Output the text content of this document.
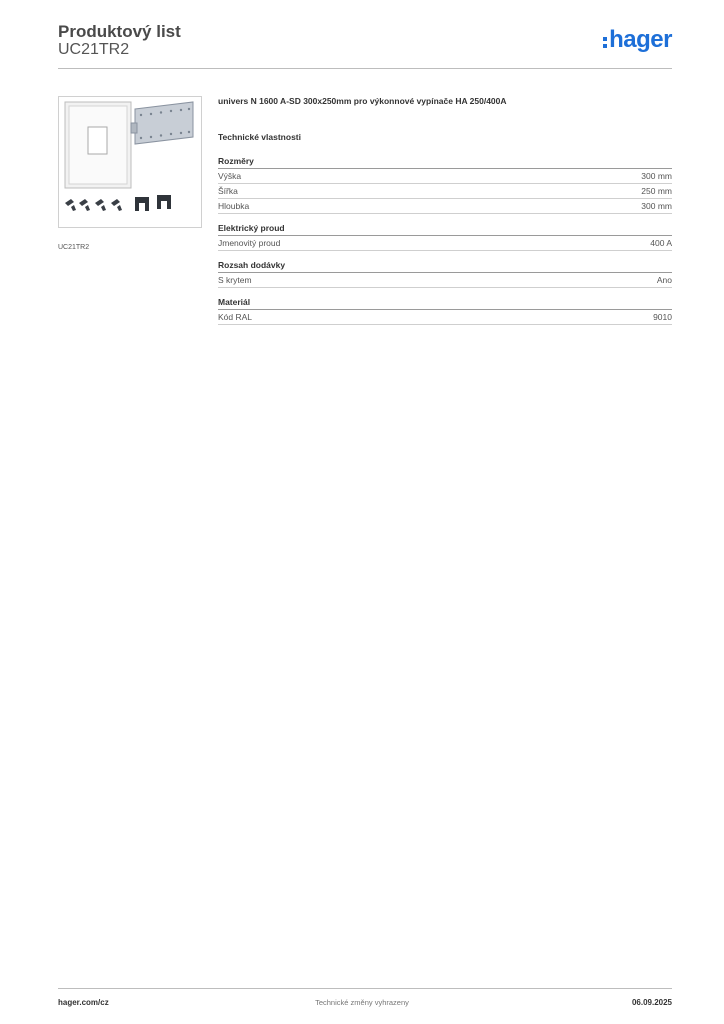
Produktový list
UC21TR2	hager
UC21TR2
univers N 1600 A-SD 300x250mm pro výkonnové vypínače HA 250/400A
Technické vlastnosti
Rozměry
Výška	300 mm
Šířka	250 mm
Hloubka	300 mm
Elektrický proud
Jmenovitý proud	400 A
Rozsah dodávky
S krytem	Ano
Materiál
Kód RAL	9010
hager.com/cz	Technické změny vyhrazeny	06.09.2025
